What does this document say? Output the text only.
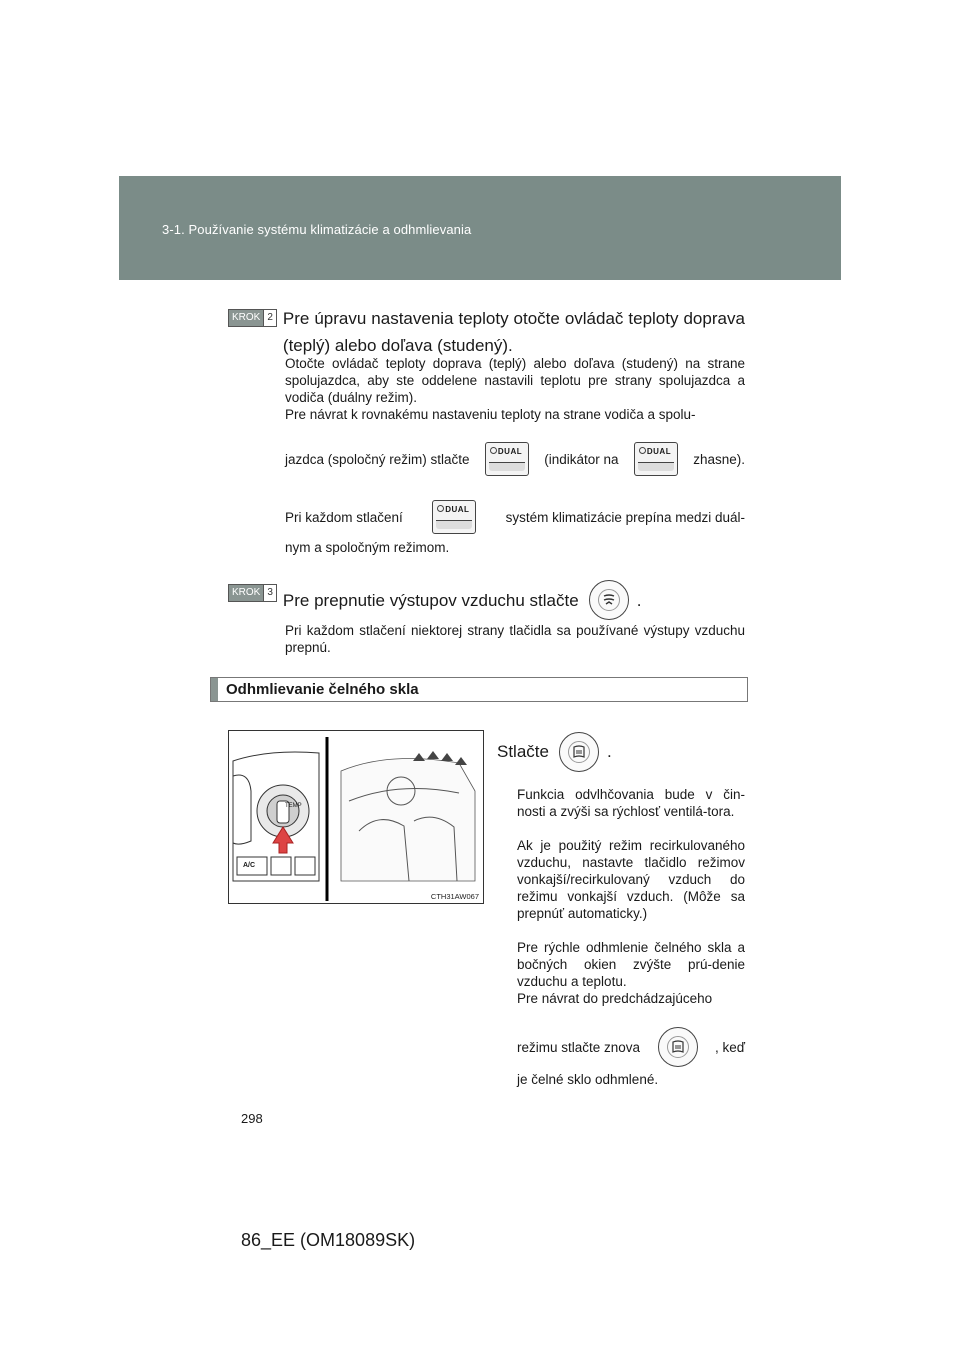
3-1. Používanie systému klimatizácie a odhmlievania
KROK 2 Pre úpravu nastavenia teploty otočte ovládač teploty doprava (teplý) alebo doľava (studený).
Otočte ovládač teploty doprava (teplý) alebo doľava (studený) na strane spolujazdca, aby ste oddelene nastavili teplotu pre strany spolujazdca a vodiča (duálny režim).
Pre návrat k rovnakému nastaveniu teploty na strane vodiča a spolu-
jazdca (spoločný režim) stlačte	DUAL (indikátor na	DUAL zhasne).
Pri každom stlačení	DUAL	systém klimatizácie prepína medzi duál-
nym a spoločným režimom.
KROK 3 Pre prepnutie výstupov vzduchu stlačte	.
Pri každom stlačení niektorej strany tlačidla sa používané výstupy vzduchu prepnú.
Odhmlievanie čelného skla
TEMP
A/C
CTH31AW067
Stlačte	.
Funkcia odvlhčovania bude v čin-nosti a zvýši sa rýchlosť ventilá-tora.
Ak je použitý režim recirkulovaného vzduchu, nastavte tlačidlo režimov vonkajší/recirkulovaný vzduch do režimu vonkajší vzduch. (Môže sa prepnúť automaticky.)
Pre rýchle odhmlenie čelného skla a bočných okien zvýšte prú-denie vzduchu a teplotu.
Pre návrat do predchádzajúceho
režimu stlačte znova	, keď
je čelné sklo odhmlené.
298
86_EE (OM18089SK)
